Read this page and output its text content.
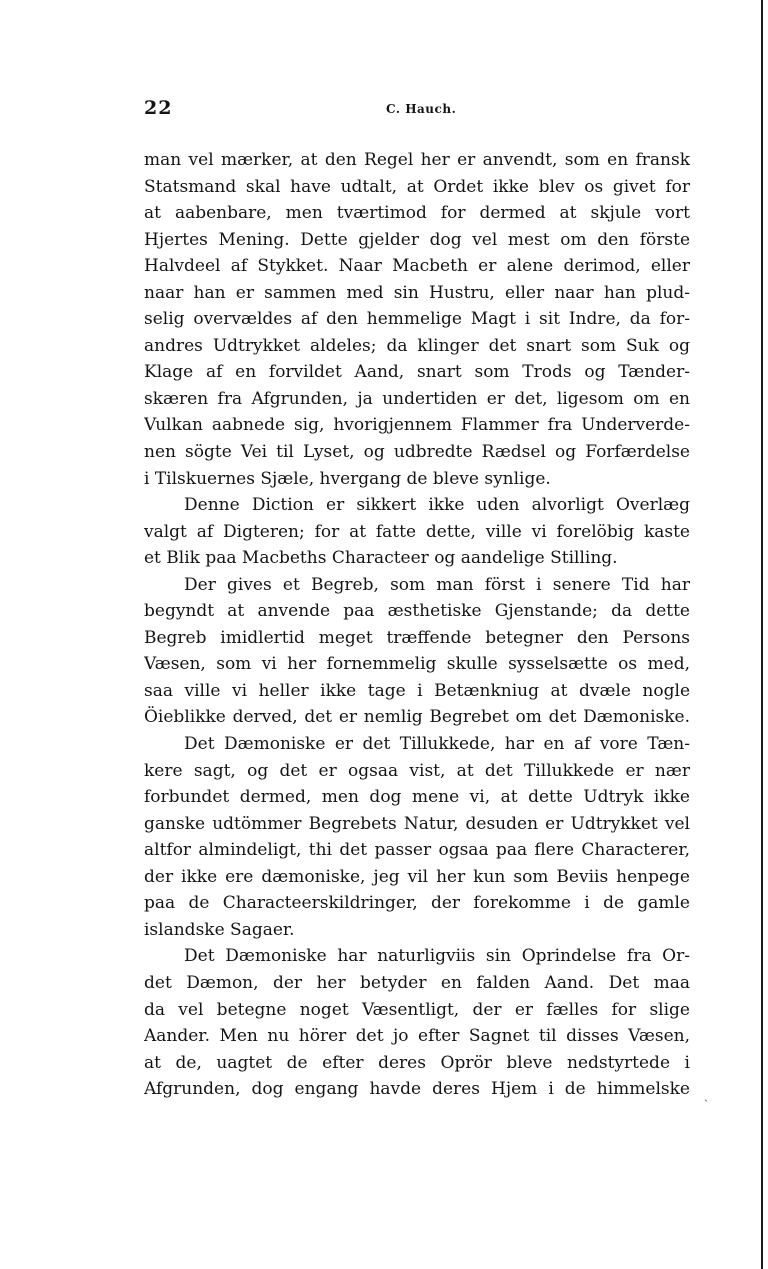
22	C. Hauch.
man vel mærker, at den Regel her er anvendt, som en fransk
Statsmand skal have udtalt, at Ordet ikke blev os givet for
at aabenbare, men tværtimod for dermed at skjule vort
Hjertes Mening. Dette gjelder dog vel mest om den förste
Halvdeel af Stykket. Naar Macbeth er alene derimod, eller
naar han er sammen med sin Hustru, eller naar han plud-
selig overvældes af den hemmelige Magt i sit Indre, da for-
andres Udtrykket aldeles; da klinger det snart som Suk og
Klage af en forvildet Aand, snart som Trods og Tænder-
skæren fra Afgrunden, ja undertiden er det, ligesom om en
Vulkan aabnede sig, hvorigjennem Flammer fra Underverde-
nen sögte Vei til Lyset, og udbredte Rædsel og Forfærdelse
i Tilskuernes Sjæle, hvergang de bleve synlige.
Denne Diction er sikkert ikke uden alvorligt Overlæg
valgt af Digteren; for at fatte dette, ville vi forelöbig kaste
et Blik paa Macbeths Characteer og aandelige Stilling.
Der gives et Begreb, som man först i senere Tid har
begyndt at anvende paa æsthetiske Gjenstande; da dette
Begreb imidlertid meget træffende betegner den Persons
Væsen, som vi her fornemmelig skulle sysselsætte os med,
saa ville vi heller ikke tage i Betænkniug at dvæle nogle
Öieblikke derved, det er nemlig Begrebet om det Dæmoniske.
Det Dæmoniske er det Tillukkede, har en af vore Tæn-
kere sagt, og det er ogsaa vist, at det Tillukkede er nær
forbundet dermed, men dog mene vi, at dette Udtryk ikke
ganske udtömmer Begrebets Natur, desuden er Udtrykket vel
altfor almindeligt, thi det passer ogsaa paa flere Characterer,
der ikke ere dæmoniske, jeg vil her kun som Beviis henpege
paa de Characteerskildringer, der forekomme i de gamle
islandske Sagaer.
Det Dæmoniske har naturligviis sin Oprindelse fra Or-
det Dæmon, der her betyder en falden Aand. Det maa
da vel betegne noget Væsentligt, der er fælles for slige
Aander. Men nu hörer det jo efter Sagnet til disses Væsen,
at de, uagtet de efter deres Oprör bleve nedstyrtede i
Afgrunden, dog engang havde deres Hjem i de himmelske ˎ
